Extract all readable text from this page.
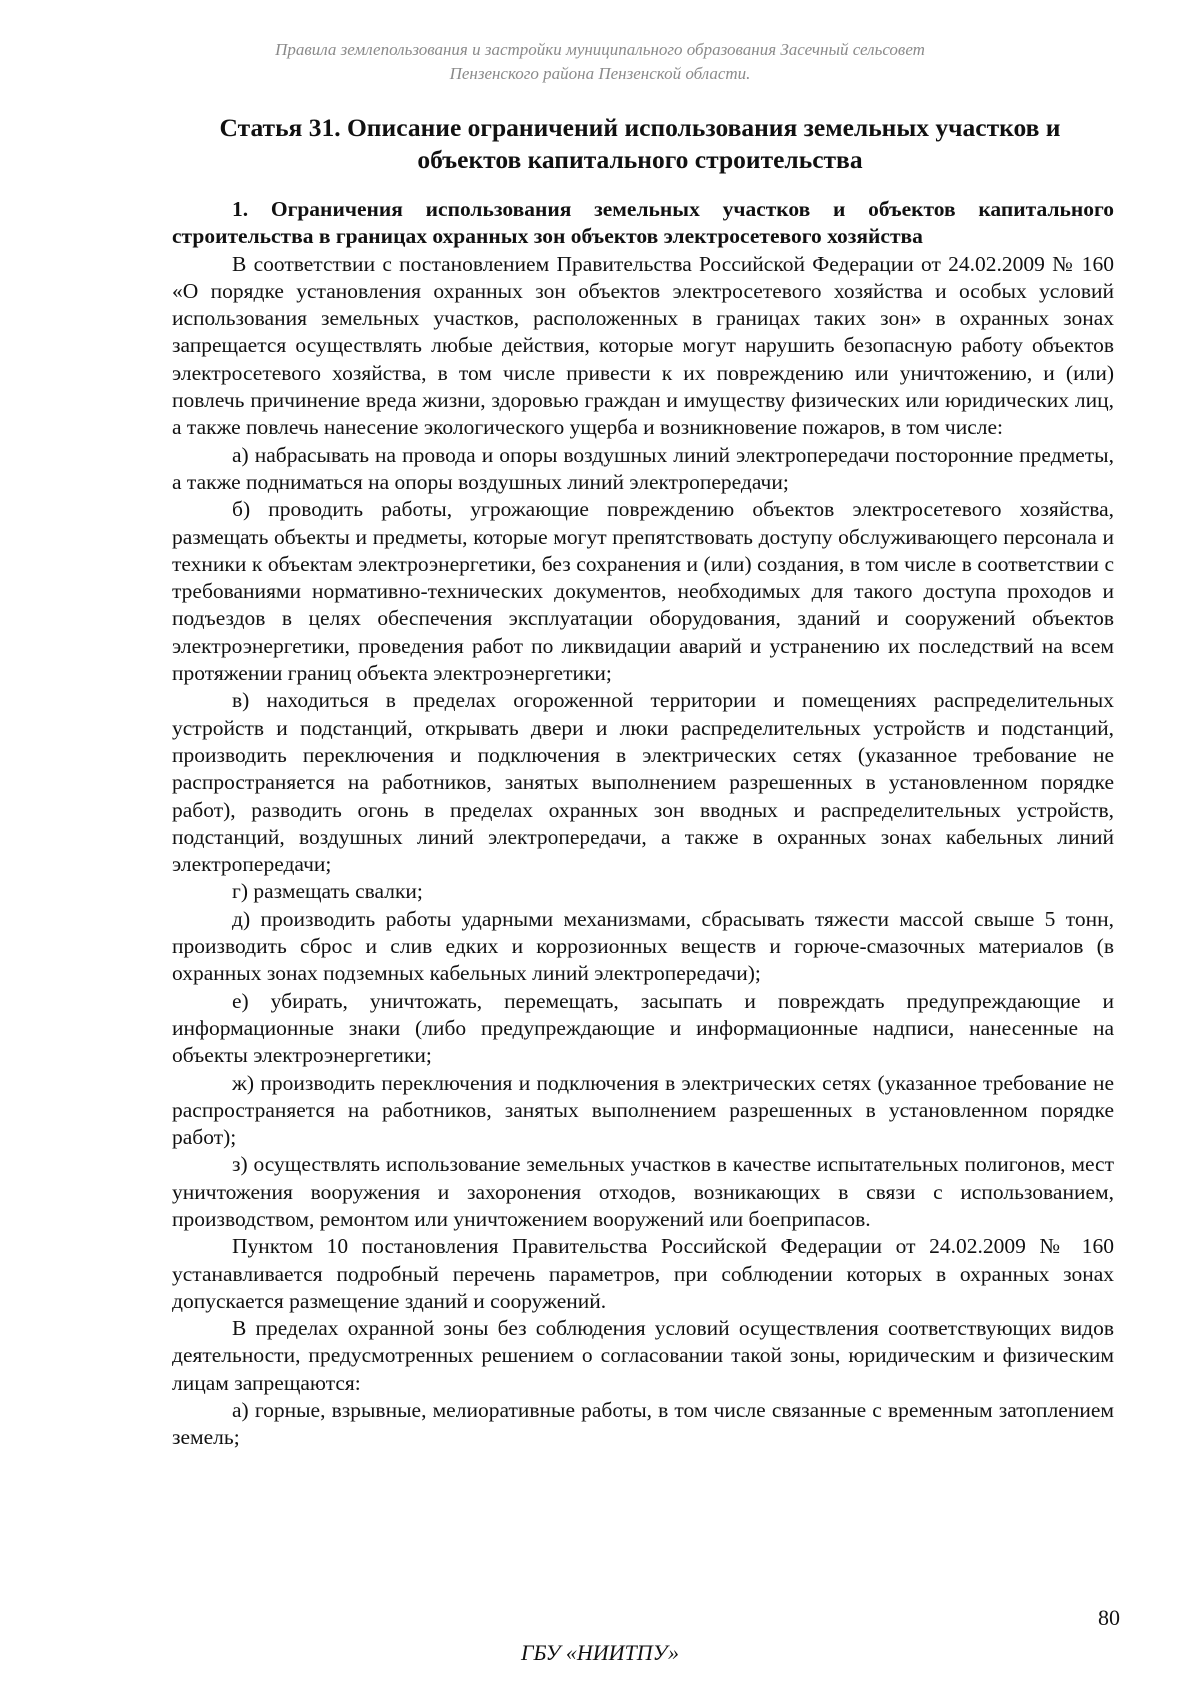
Правила землепользования и застройки муниципального образования Засечный сельсовет
Пензенского района Пензенской области.
Статья 31. Описание ограничений использования земельных участков и
объектов капитального строительства

1. Ограничения использования земельных участков и объектов капитального строительства в границах охранных зон объектов электросетевого хозяйства

В соответствии с постановлением Правительства Российской Федерации от 24.02.2009 № 160 «О порядке установления охранных зон объектов электросетевого хозяйства и особых условий использования земельных участков, расположенных в границах таких зон» в охранных зонах запрещается осуществлять любые действия, которые могут нарушить безопасную работу объектов электросетевого хозяйства, в том числе привести к их повреждению или уничтожению, и (или) повлечь причинение вреда жизни, здоровью граждан и имуществу физических или юридических лиц, а также повлечь нанесение экологического ущерба и возникновение пожаров, в том числе:

а) набрасывать на провода и опоры воздушных линий электропередачи посторонние предметы, а также подниматься на опоры воздушных линий электропередачи;

б) проводить работы, угрожающие повреждению объектов электросетевого хозяйства, размещать объекты и предметы, которые могут препятствовать доступу обслуживающего персонала и техники к объектам электроэнергетики, без сохранения и (или) создания, в том числе в соответствии с требованиями нормативно-технических документов, необходимых для такого доступа проходов и подъездов в целях обеспечения эксплуатации оборудования, зданий и сооружений объектов электроэнергетики, проведения работ по ликвидации аварий и устранению их последствий на всем протяжении границ объекта электроэнергетики;

в) находиться в пределах огороженной территории и помещениях распределительных устройств и подстанций, открывать двери и люки распределительных устройств и подстанций, производить переключения и подключения в электрических сетях (указанное требование не распространяется на работников, занятых выполнением разрешенных в установленном порядке работ), разводить огонь в пределах охранных зон вводных и распределительных устройств, подстанций, воздушных линий электропередачи, а также в охранных зонах кабельных линий электропередачи;

г) размещать свалки;

д) производить работы ударными механизмами, сбрасывать тяжести массой свыше 5 тонн, производить сброс и слив едких и коррозионных веществ и горюче-смазочных материалов (в охранных зонах подземных кабельных линий электропередачи);

е) убирать, уничтожать, перемещать, засыпать и повреждать предупреждающие и информационные знаки (либо предупреждающие и информационные надписи, нанесенные на объекты электроэнергетики;

ж) производить переключения и подключения в электрических сетях (указанное требование не распространяется на работников, занятых выполнением разрешенных в установленном порядке работ);

з) осуществлять использование земельных участков в качестве испытательных полигонов, мест уничтожения вооружения и захоронения отходов, возникающих в связи с использованием, производством, ремонтом или уничтожением вооружений или боеприпасов.

Пунктом 10 постановления Правительства Российской Федерации от 24.02.2009 № 160 устанавливается подробный перечень параметров, при соблюдении которых в охранных зонах допускается размещение зданий и сооружений.

В пределах охранной зоны без соблюдения условий осуществления соответствующих видов деятельности, предусмотренных решением о согласовании такой зоны, юридическим и физическим лицам запрещаются:

а) горные, взрывные, мелиоративные работы, в том числе связанные с временным затоплением земель;

80
ГБУ «НИИТПУ»
